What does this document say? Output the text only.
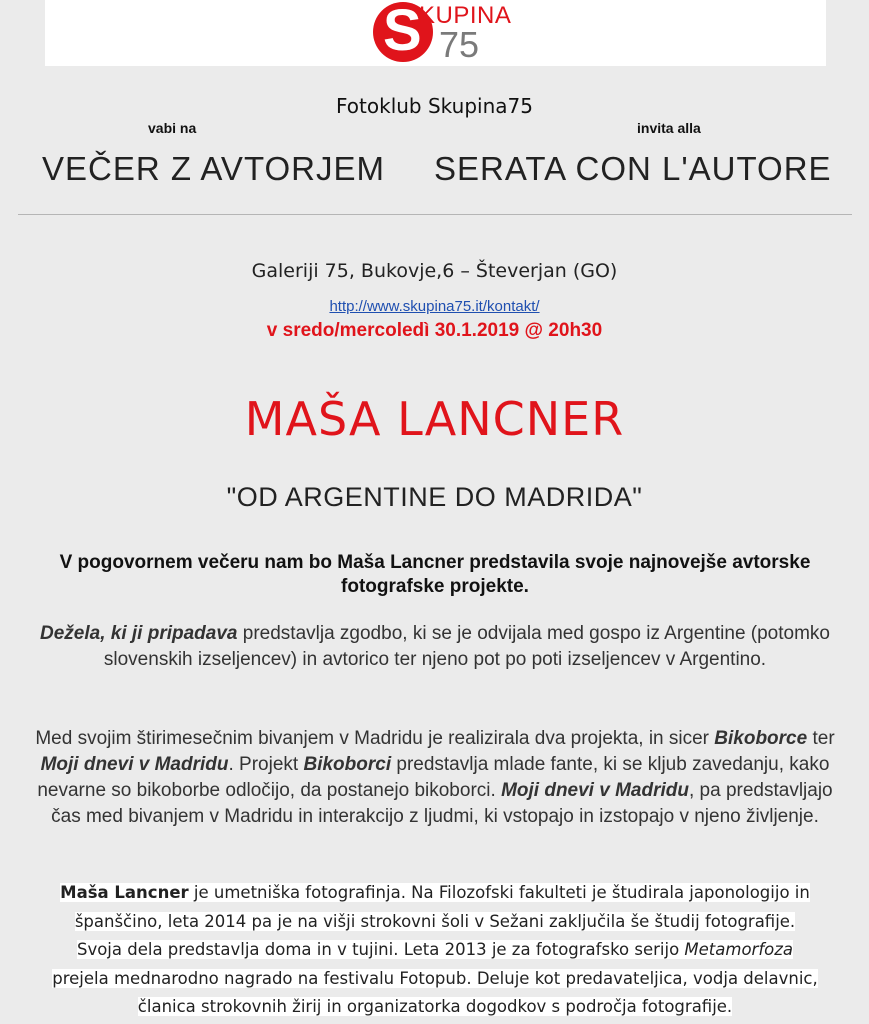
S
KUPINA
75
Fotoklub Skupina75
vabi na	invita alla
VEČER Z AVTORJEM SERATA CON L'AUTORE
Galeriji 75, Bukovje,6 – Števerjan (GO)
http://www.skupina75.it/kontakt/
v sredo/mercoledì 30.1.2019 @ 20h30
MAŠA LANCNER
"OD ARGENTINE DO MADRIDA"
V pogovornem večeru nam bo Maša Lancner predstavila svoje najnovejše avtorske fotografske projekte.
Dežela, ki ji pripadava predstavlja zgodbo, ki se je odvijala med gospo iz Argentine (potomko slovenskih izseljencev) in avtorico ter njeno pot po poti izseljencev v Argentino.
Med svojim štirimesečnim bivanjem v Madridu je realizirala dva projekta, in sicer Bikoborce ter Moji dnevi v Madridu. Projekt Bikoborci predstavlja mlade fante, ki se kljub zavedanju, kako nevarne so bikoborbe odločijo, da postanejo bikoborci. Moji dnevi v Madridu, pa predstavljajo čas med bivanjem v Madridu in interakcijo z ljudmi, ki vstopajo in izstopajo v njeno življenje.
Maša Lancner je umetniška fotografinja. Na Filozofski fakulteti je študirala japonologijo in španščino, leta 2014 pa je na višji strokovni šoli v Sežani zaključila še študij fotografije. Svoja dela predstavlja doma in v tujini. Leta 2013 je za fotografsko serijo Metamorfoza prejela mednarodno nagrado na festivalu Fotopub. Deluje kot predavateljica, vodja delavnic, članica strokovnih žirij in organizatorka dogodkov s področja fotografije.
